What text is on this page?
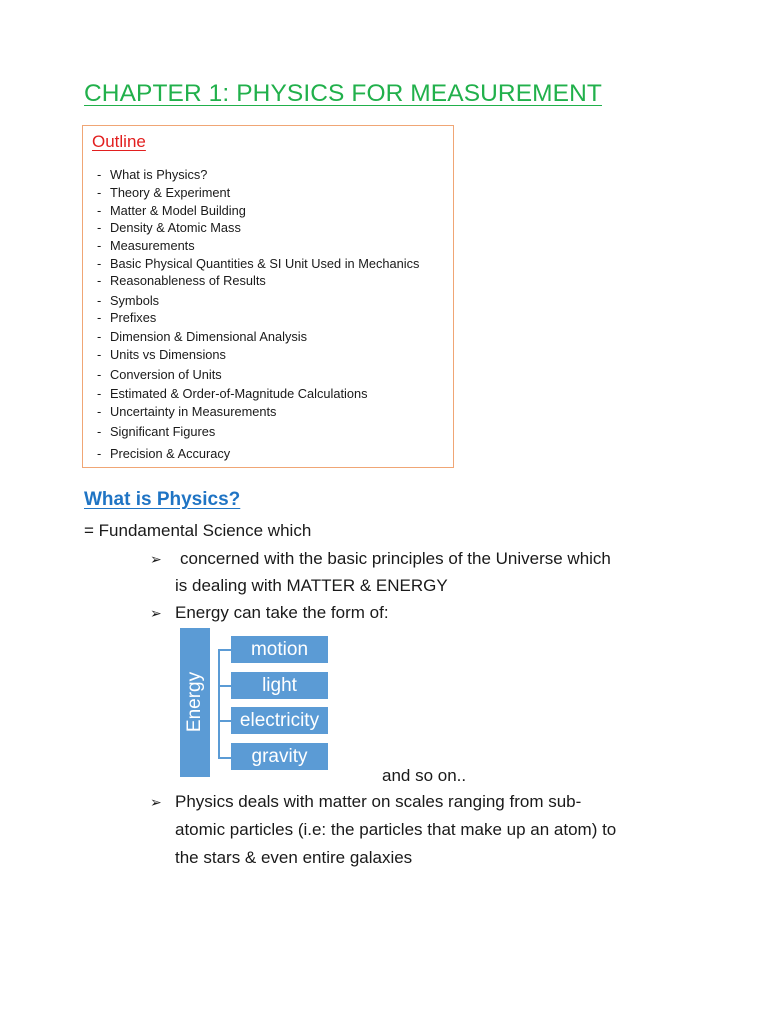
CHAPTER 1: PHYSICS FOR MEASUREMENT
Outline
- What is Physics?
- Theory & Experiment
- Matter & Model Building
- Density & Atomic Mass
- Measurements
- Basic Physical Quantities & SI Unit Used in Mechanics
- Reasonableness of Results
- Symbols
- Prefixes
- Dimension & Dimensional Analysis
- Units vs Dimensions
- Conversion of Units
- Estimated & Order-of-Magnitude Calculations
- Uncertainty in Measurements
- Significant Figures
- Precision & Accuracy
What is Physics?

= Fundamental Science which

➢ concerned with the basic principles of the Universe which

is dealing with MATTER & ENERGY

➢ Energy can take the form of:

Energy
motion
light
electricity
gravity

and so on..

➢ Physics deals with matter on scales ranging from sub-

atomic particles (i.e: the particles that make up an atom) to

the stars & even entire galaxies
